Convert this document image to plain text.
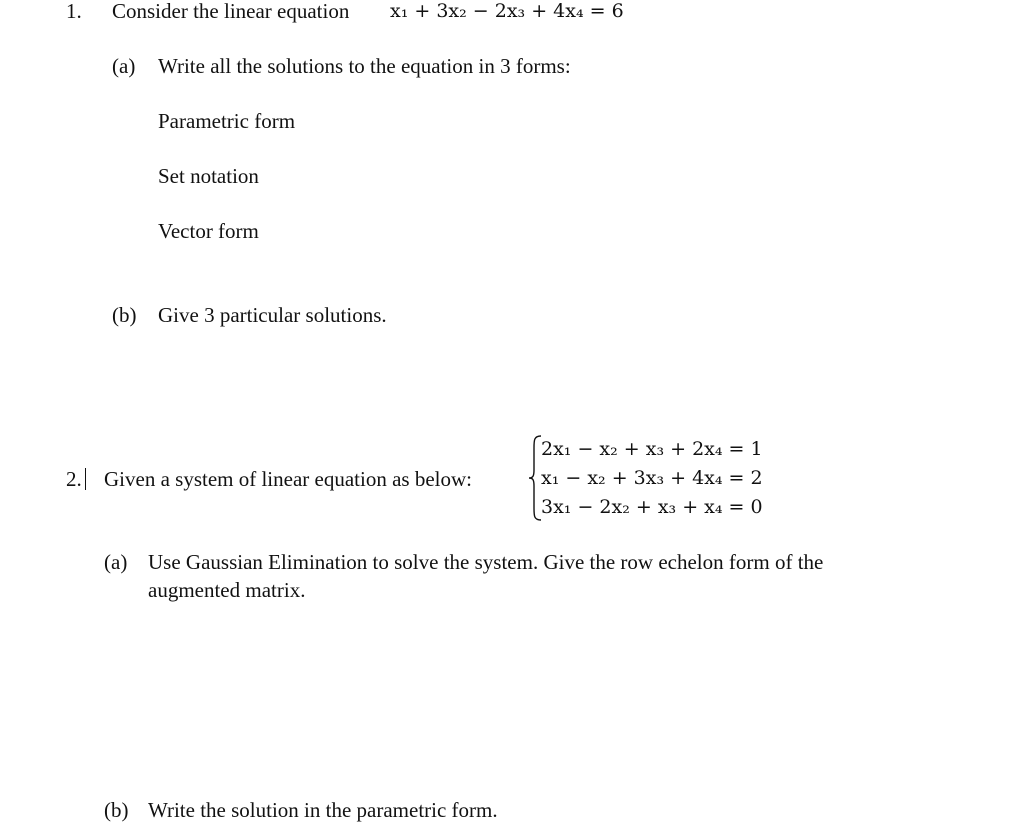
1. Consider the linear equation x₁ + 3x₂ − 2x₃ + 4x₄ = 6
(a) Write all the solutions to the equation in 3 forms:
Parametric form
Set notation
Vector form
(b) Give 3 particular solutions.
2. Given a system of linear equation as below:
2x₁ − x₂ + x₃ + 2x₄ = 1
x₁ − x₂ + 3x₃ + 4x₄ = 2
3x₁ − 2x₂ + x₃ + x₄ = 0
(a) Use Gaussian Elimination to solve the system. Give the row echelon form of the
augmented matrix.
(b) Write the solution in the parametric form.
